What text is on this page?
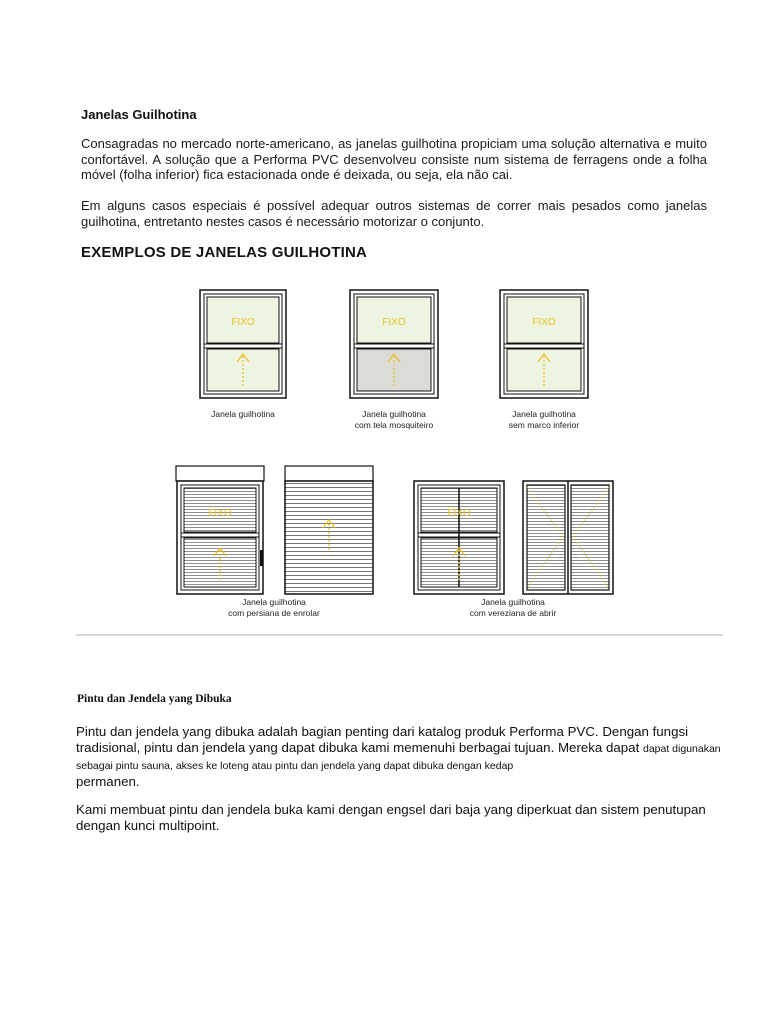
Janelas Guilhotina
Consagradas no mercado norte-americano, as janelas guilhotina propiciam uma solução alternativa e muito confortável. A solução que a Performa PVC desenvolveu consiste num sistema de ferragens onde a folha móvel (folha inferior) fica estacionada onde é deixada, ou seja, ela não cai.
Em alguns casos especiais é possível adequar outros sistemas de correr mais pesados como janelas guilhotina, entretanto nestes casos é necessário motorizar o conjunto.
EXEMPLOS DE JANELAS GUILHOTINA
FIXO	FIXO	FIXO
FIXO	FIXO
Janela guilhotina	Janela guilhotina
com tela mosquiteiro
Janela guilhotina
sem marco inferior
Janela guilhotina
com persiana de enrolar
Janela guilhotina
com vereziana de abrir
Pintu dan Jendela yang Dibuka
Pintu dan jendela yang dibuka adalah bagian penting dari katalog produk Performa PVC. Dengan fungsi tradisional, pintu dan jendela yang dapat dibuka kami memenuhi berbagai tujuan. Mereka dapat dapat digunakan sebagai pintu sauna, akses ke loteng atau pintu dan jendela yang dapat dibuka dengan kedap
permanen.
Kami membuat pintu dan jendela buka kami dengan engsel dari baja yang diperkuat dan sistem penutupan dengan kunci multipoint.
